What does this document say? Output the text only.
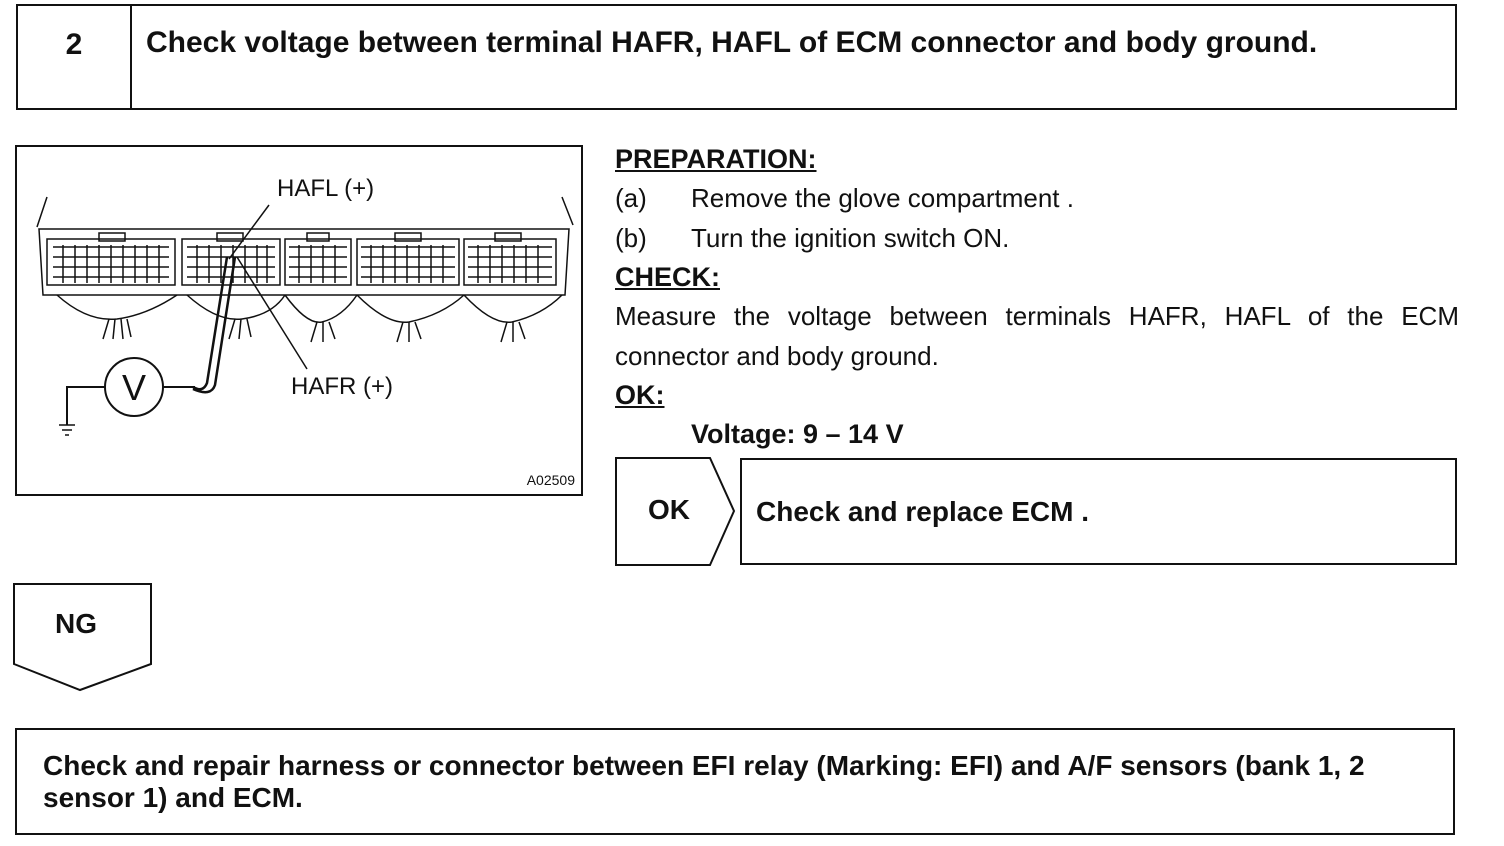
2	Check voltage between terminal HAFR, HAFL of ECM connector and body ground.
V
HAFL (+)
HAFR (+)
A02509
PREPARATION:
(a)	Remove the glove compartment .
(b)	Turn the ignition switch ON.
CHECK:
Measure the voltage between terminals HAFR, HAFL of the ECM connector and body ground.
OK:
Voltage: 9 – 14 V
OK Check and replace ECM .
NG
Check and repair harness or connector between EFI relay (Marking: EFI) and A/F sensors (bank 1, 2 sensor 1) and ECM.
